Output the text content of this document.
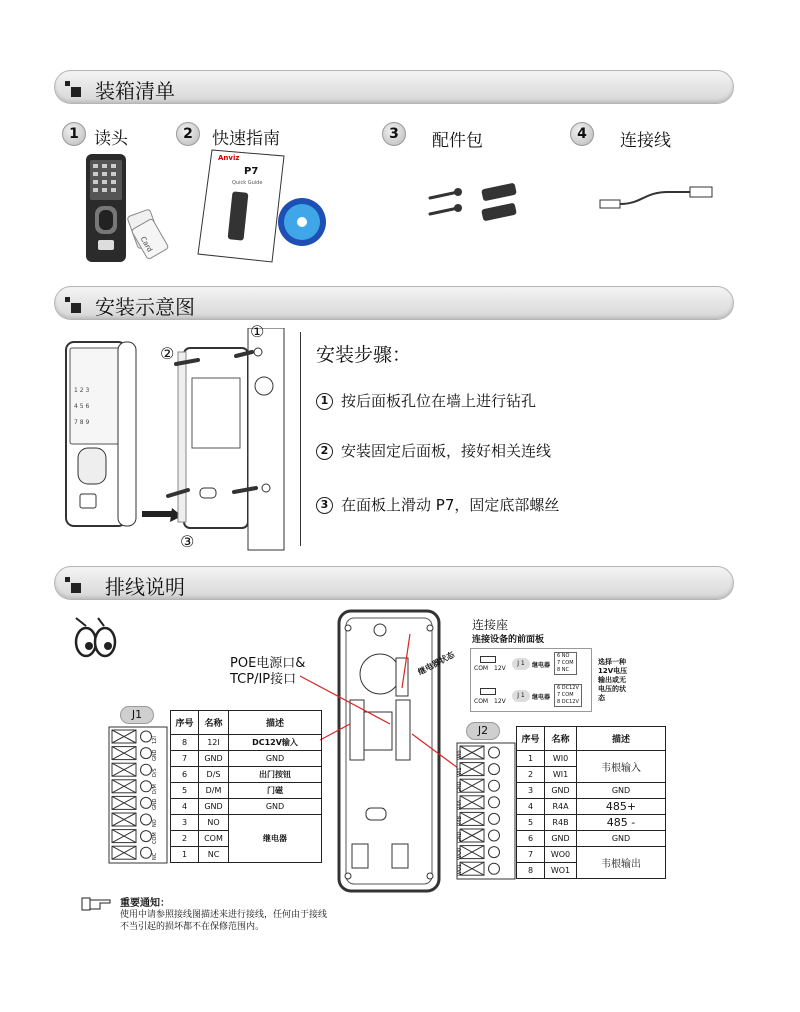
装箱清单
1 读头	2	快速指南	3	配件包	4	连接线
Card
Anviz
P7
Quick Guide
安装示意图
1 2 3
4 5 6
7 8 9
①
②
③
安装步骤：
1 按后面板孔位在墙上进行钻孔
2 安装固定后面板，接好相关连线
3 在面板上滑动 P7，固定底部螺丝
排线说明
POE电源口&
TCP/IP接口
连接座
连接设备的前面板
继电器状态	COM 12V
J 1	继电器
6 NO
7 COM
8 NC
COM 12V
J 1	继电器
6 DC12V
7 COM
8 DC12V
选择一种
12V电压
输出或无
电压的状
态
J1
12I
GND
D/S
D/M
GND
NO
COM
NC
序号	名称	描述
8	12I	DC12V输入
7	GND	GND
6	D/S	出门按钮
5	D/M	门磁
4	GND	GND
3	NO	继电器
2	COM	
1	NC	
J2
WI0
WI1
GND
R4A
R4B
GND
WO0
WO1
序号	名称	描述
1	WI0	韦根输入
2	WI1	
3	GND	GND
4	R4A	485+
5	R4B	485 -
6	GND	GND
7	WO0	韦根输出
8	WO1	
重要通知：
使用中请参照接线图描述来进行接线，任何由于接线
不当引起的损坏都不在保修范围内。
